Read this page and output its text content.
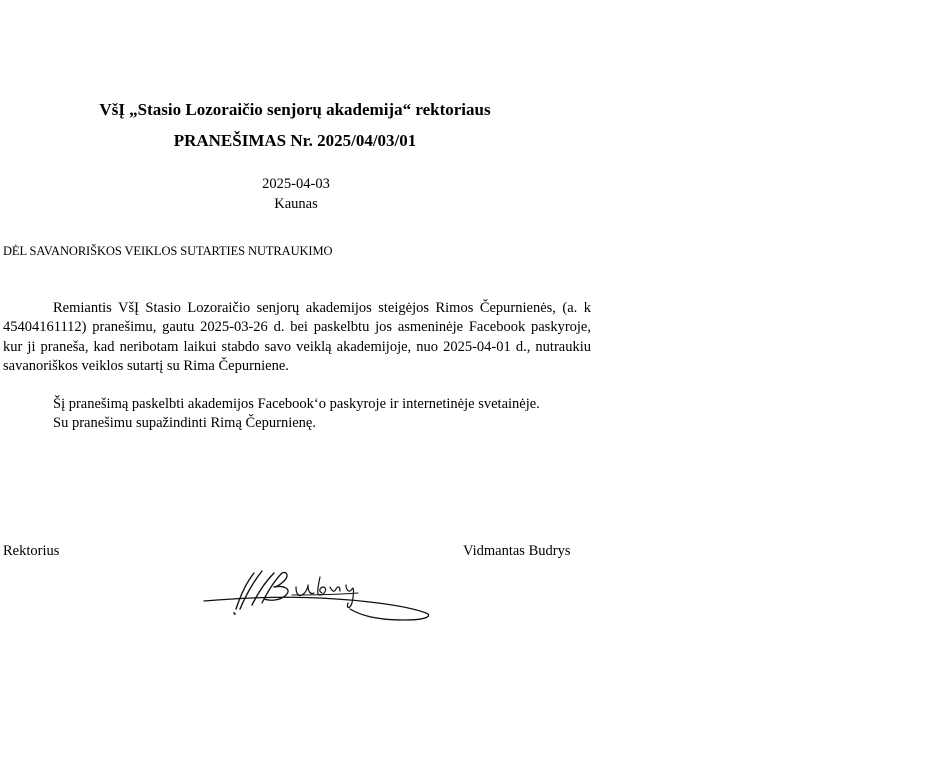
VšĮ „Stasio Lozoraičio senjorų akademija“ rektoriaus
PRANEŠIMAS Nr. 2025/04/03/01
2025-04-03
Kaunas
DĖL SAVANORIŠKOS VEIKLOS SUTARTIES NUTRAUKIMO

Remiantis VšĮ Stasio Lozoraičio senjorų akademijos steigėjos Rimos Čepurnienės, (a. k 45404161112) pranešimu, gautu 2025-03-26 d. bei paskelbtu jos asmeninėje Facebook paskyroje, kur ji praneša, kad neribotam laikui stabdo savo veiklą akademijoje, nuo 2025-04-01 d., nutraukiu savanoriškos veiklos sutartį su Rima Čepurniene.

Šį pranešimą paskelbti akademijos Facebook‘o paskyroje ir internetinėje svetainėje.

Su pranešimu supažindinti Rimą Čepurnienę.

Rektorius	Vidmantas Budrys
